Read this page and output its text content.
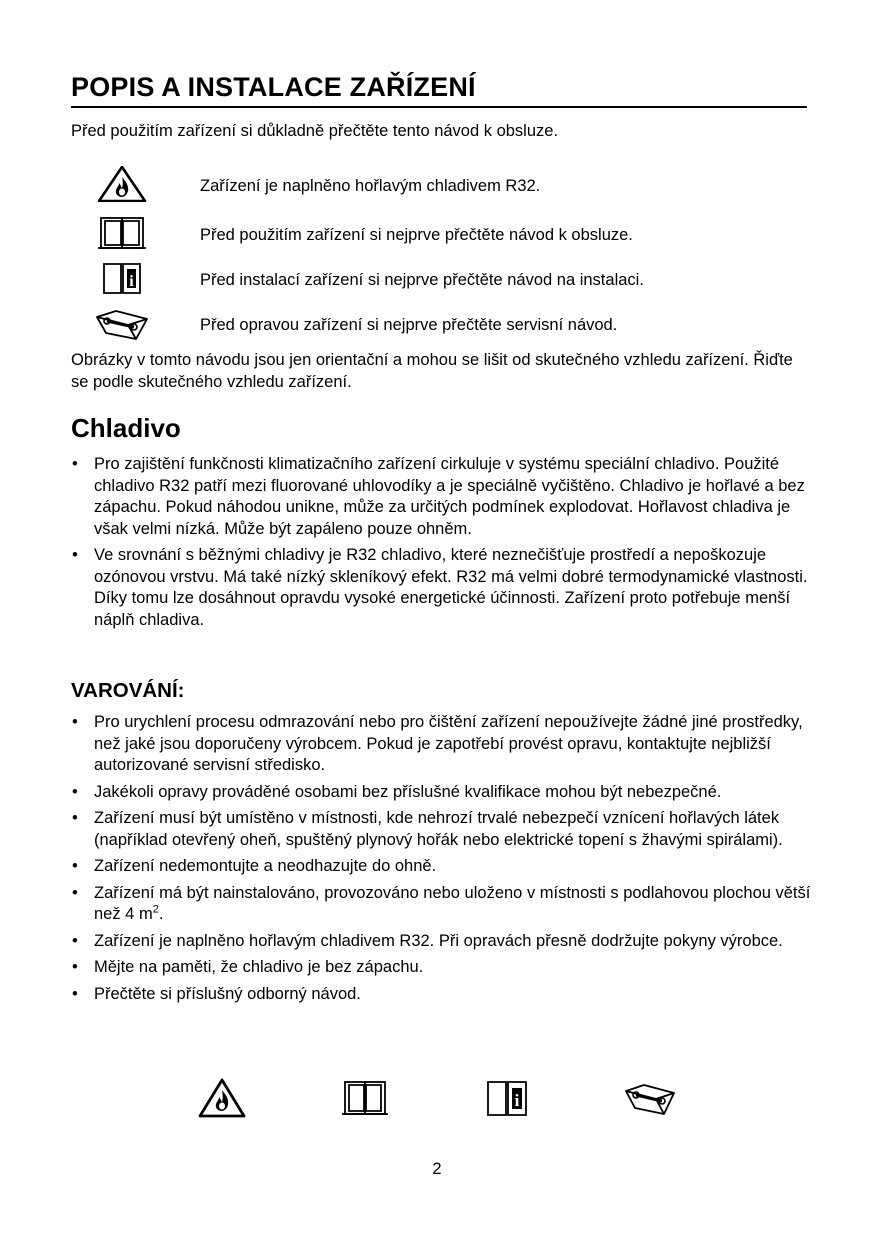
POPIS A INSTALACE ZAŘÍZENÍ
Před použitím zařízení si důkladně přečtěte tento návod k obsluze.
Zařízení je naplněno hořlavým chladivem R32.
Před použitím zařízení si nejprve přečtěte návod k obsluze.
i	Před instalací zařízení si nejprve přečtěte návod na instalaci.
Před opravou zařízení si nejprve přečtěte servisní návod.
Obrázky v tomto návodu jsou jen orientační a mohou se lišit od skutečného vzhledu zařízení. Řiďte se podle skutečného vzhledu zařízení.
Chladivo
• Pro zajištění funkčnosti klimatizačního zařízení cirkuluje v systému speciální chladivo. Použité chladivo R32 patří mezi fluorované uhlovodíky a je speciálně vyčištěno. Chladivo je hořlavé a bez zápachu. Pokud náhodou unikne, může za určitých podmínek explodovat. Hořlavost chladiva je však velmi nízká. Může být zapáleno pouze ohněm.
• Ve srovnání s běžnými chladivy je R32 chladivo, které neznečišťuje prostředí a nepoškozuje ozónovou vrstvu. Má také nízký skleníkový efekt. R32 má velmi dobré termodynamické vlastnosti. Díky tomu lze dosáhnout opravdu vysoké energetické účinnosti. Zařízení proto potřebuje menší náplň chladiva.
VAROVÁNÍ:
• Pro urychlení procesu odmrazování nebo pro čištění zařízení nepoužívejte žádné jiné prostředky, než jaké jsou doporučeny výrobcem. Pokud je zapotřebí provést opravu, kontaktujte nejbližší autorizované servisní středisko.
• Jakékoli opravy prováděné osobami bez příslušné kvalifikace mohou být nebezpečné.
• Zařízení musí být umístěno v místnosti, kde nehrozí trvalé nebezpečí vznícení hořlavých látek (například otevřený oheň, spuštěný plynový hořák nebo elektrické topení s žhavými spirálami).
• Zařízení nedemontujte a neodhazujte do ohně.
• Zařízení má být nainstalováno, provozováno nebo uloženo v místnosti s podlahovou plochou větší než 4 $m^2$.
• Zařízení je naplněno hořlavým chladivem R32. Při opravách přesně dodržujte pokyny výrobce.
• Mějte na paměti, že chladivo je bez zápachu.
• Přečtěte si příslušný odborný návod.
i
2
